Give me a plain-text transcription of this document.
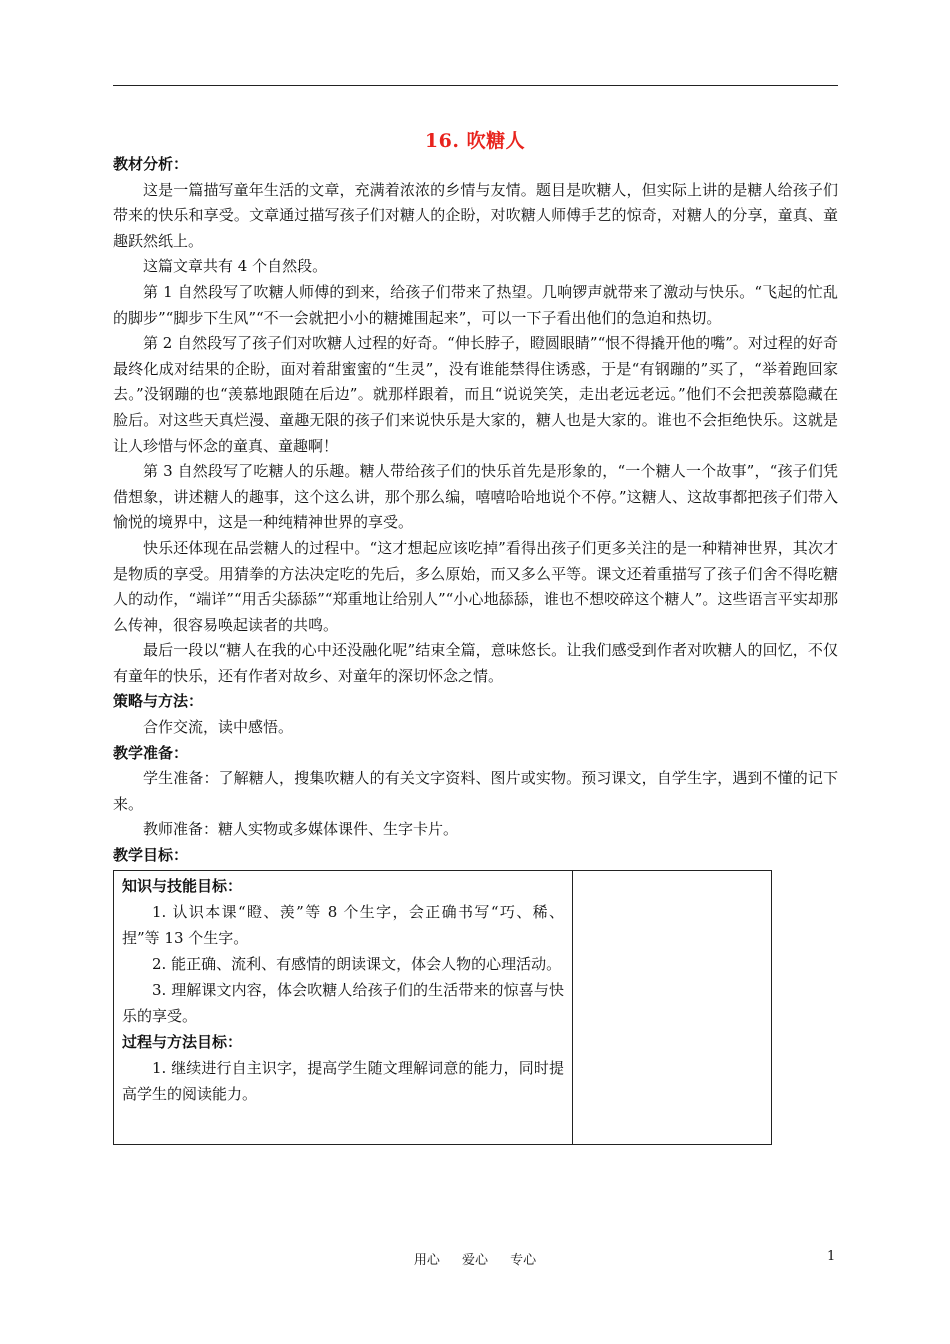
16. 吹糖人

教材分析：

这是一篇描写童年生活的文章，充满着浓浓的乡情与友情。题目是吹糖人，但实际上讲的是糖人给孩子们带来的快乐和享受。文章通过描写孩子们对糖人的企盼，对吹糖人师傅手艺的惊奇，对糖人的分享，童真、童趣跃然纸上。

这篇文章共有 4 个自然段。

第 1 自然段写了吹糖人师傅的到来，给孩子们带来了热望。几响锣声就带来了激动与快乐。“飞起的忙乱的脚步”“脚步下生风”“不一会就把小小的糖摊围起来”，可以一下子看出他们的急迫和热切。

第 2 自然段写了孩子们对吹糖人过程的好奇。“伸长脖子，瞪圆眼睛”“恨不得撬开他的嘴”。对过程的好奇最终化成对结果的企盼，面对着甜蜜蜜的“生灵”，没有谁能禁得住诱惑，于是“有钢蹦的”买了，“举着跑回家去。”没钢蹦的也“羡慕地跟随在后边”。就那样跟着，而且“说说笑笑，走出老远老远。”他们不会把羡慕隐藏在脸后。对这些天真烂漫、童趣无限的孩子们来说快乐是大家的，糖人也是大家的。谁也不会拒绝快乐。这就是让人珍惜与怀念的童真、童趣啊！

第 3 自然段写了吃糖人的乐趣。糖人带给孩子们的快乐首先是形象的，“一个糖人一个故事”，“孩子们凭借想象，讲述糖人的趣事，这个这么讲，那个那么编，嘻嘻哈哈地说个不停。”这糖人、这故事都把孩子们带入愉悦的境界中，这是一种纯精神世界的享受。

快乐还体现在品尝糖人的过程中。“这才想起应该吃掉”看得出孩子们更多关注的是一种精神世界，其次才是物质的享受。用猜拳的方法决定吃的先后，多么原始，而又多么平等。课文还着重描写了孩子们舍不得吃糖人的动作，“端详”“用舌尖舔舔”“郑重地让给别人”“小心地舔舔，谁也不想咬碎这个糖人”。这些语言平实却那么传神，很容易唤起读者的共鸣。

最后一段以“糖人在我的心中还没融化呢”结束全篇，意味悠长。让我们感受到作者对吹糖人的回忆，不仅有童年的快乐，还有作者对故乡、对童年的深切怀念之情。

策略与方法：

合作交流，读中感悟。

教学准备：

学生准备：了解糖人，搜集吹糖人的有关文字资料、图片或实物。预习课文，自学生字，遇到不懂的记下来。

教师准备：糖人实物或多媒体课件、生字卡片。

教学目标：

知识与技能目标：

1. 认识本课“瞪、羡”等 8 个生字，会正确书写“巧、稀、捏”等 13 个生字。

2. 能正确、流利、有感情的朗读课文，体会人物的心理活动。

3. 理解课文内容，体会吹糖人给孩子们的生活带来的惊喜与快乐的享受。

过程与方法目标：

1. 继续进行自主识字，提高学生随文理解词意的能力，同时提高学生的阅读能力。

用心 爱心 专心	1
